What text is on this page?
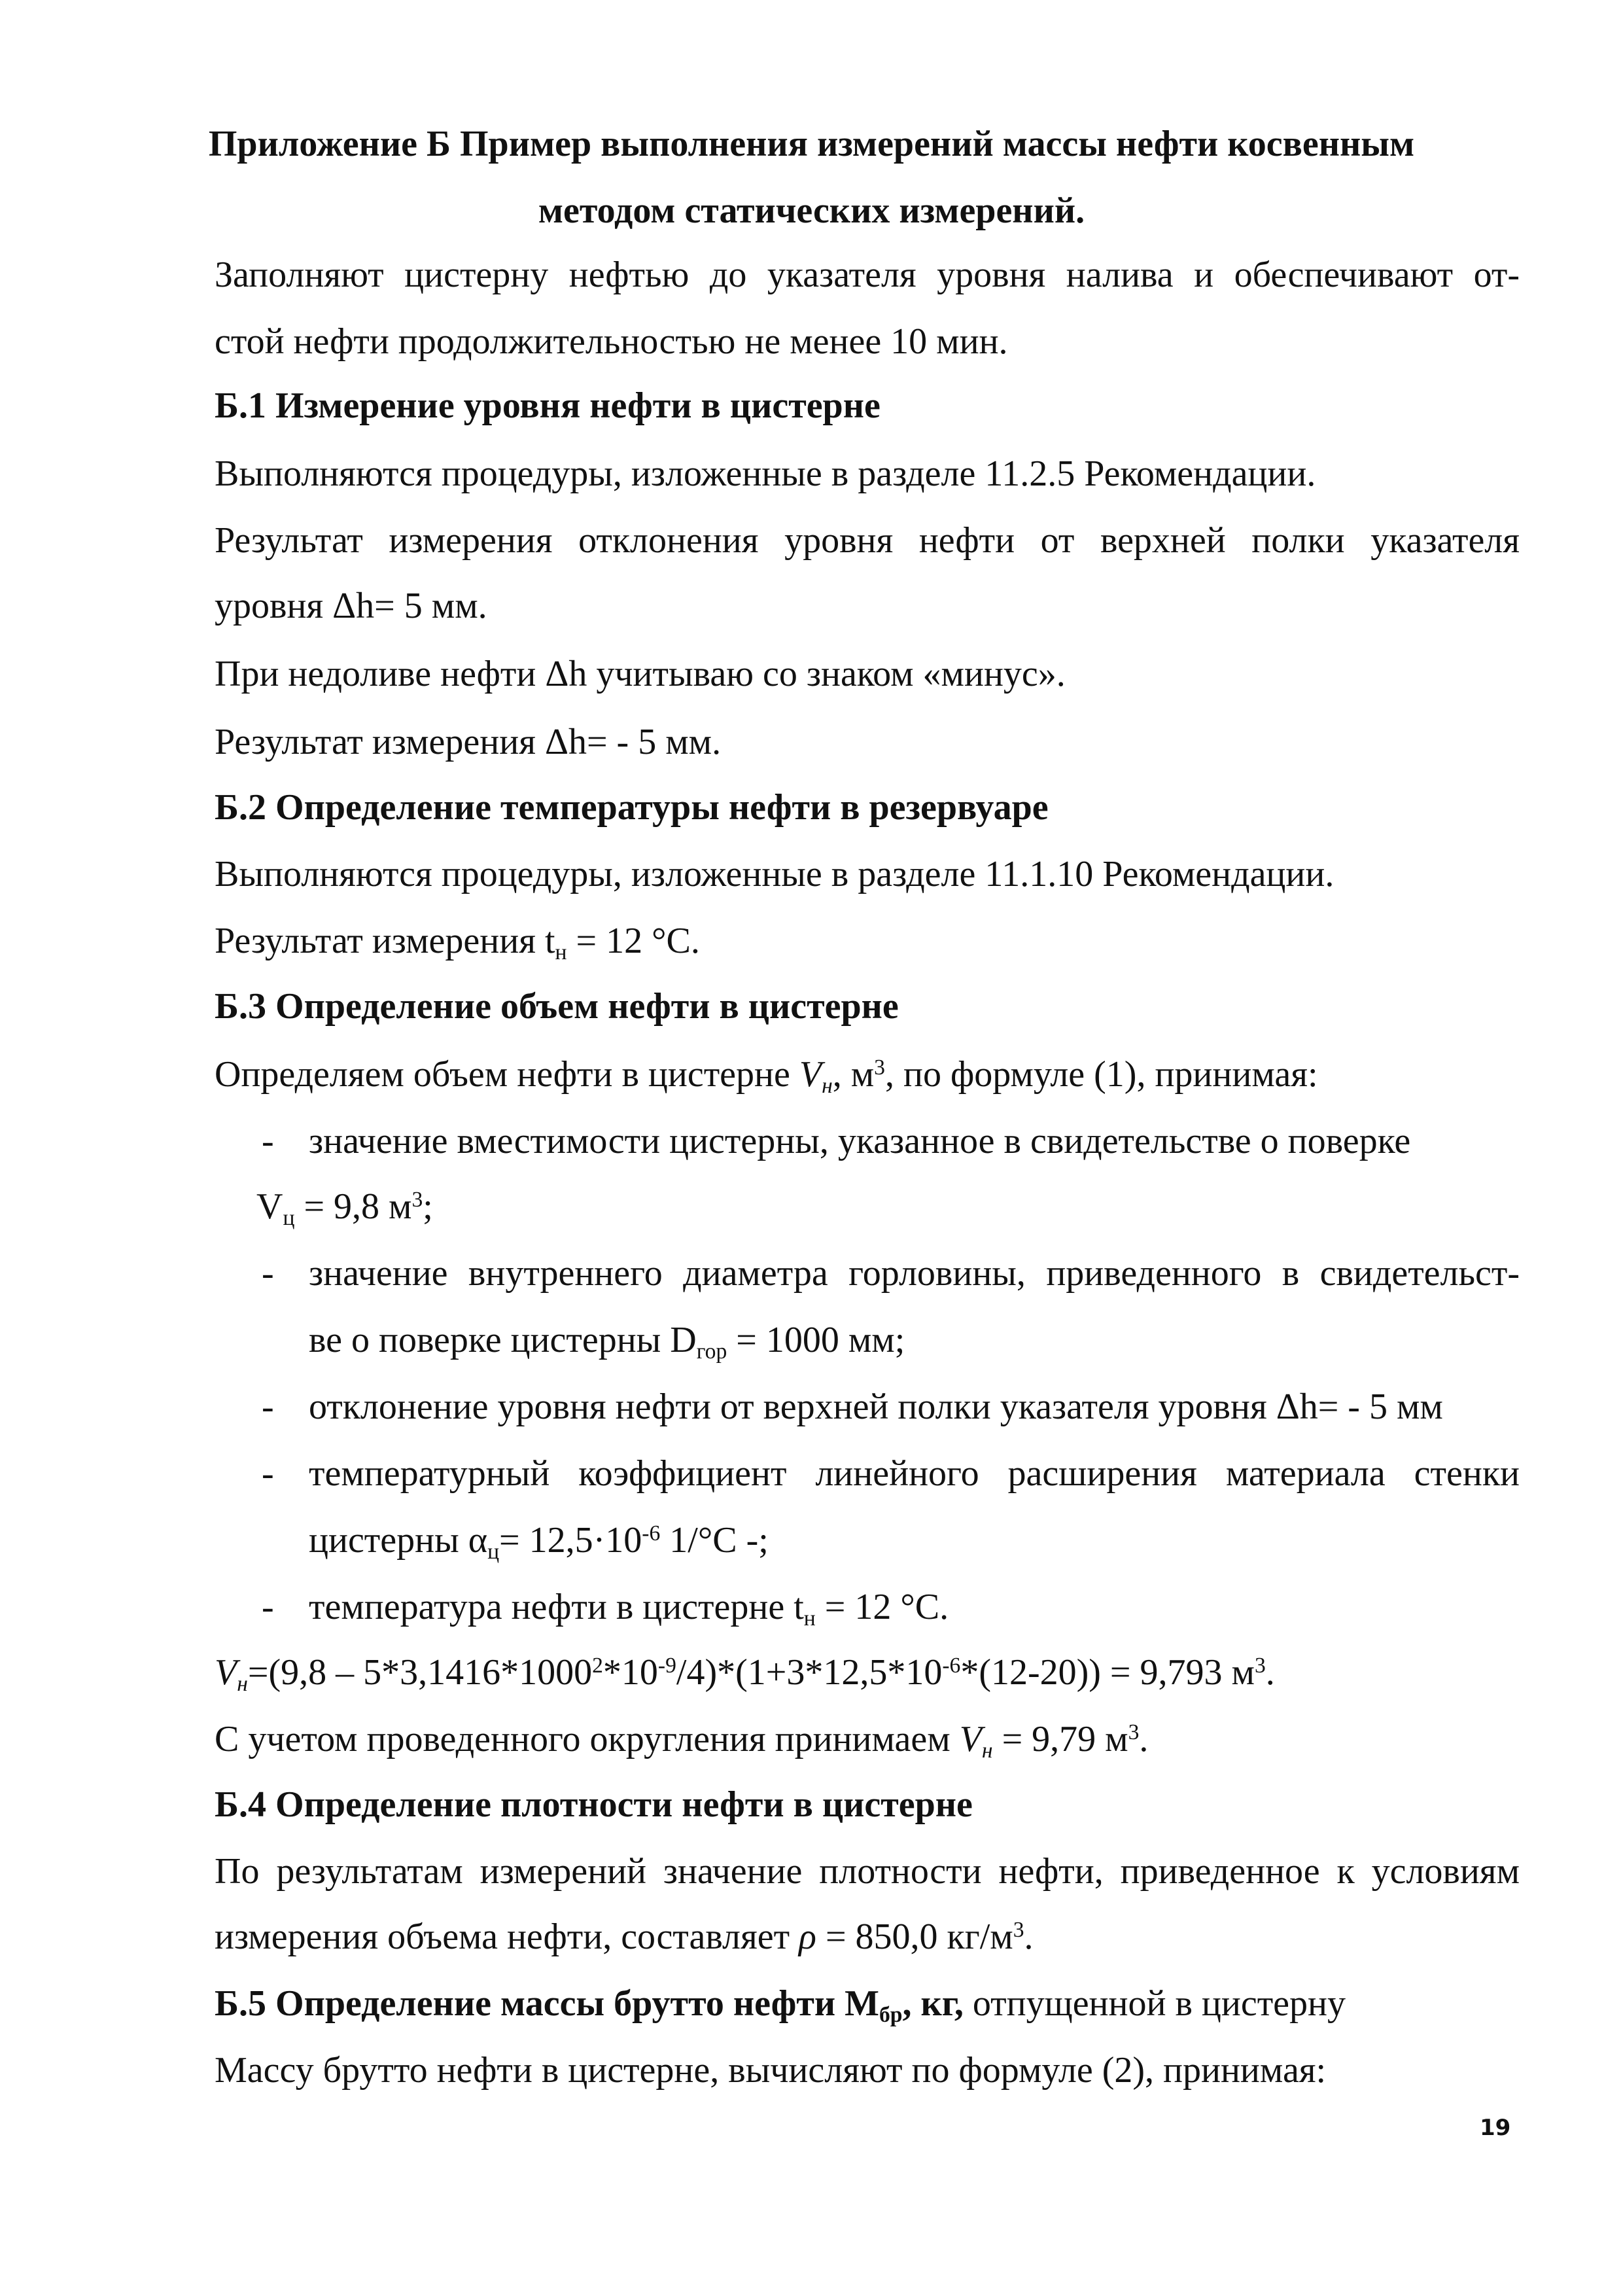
Приложение Б Пример выполнения измерений массы нефти косвенным
методом статических измерений.
Заполняют цистерну нефтью до указателя уровня налива и обеспечивают от-
стой нефти продолжительностью не менее 10 мин.
Б.1 Измерение уровня нефти в цистерне
Выполняются процедуры, изложенные в разделе 11.2.5 Рекомендации.
Результат измерения отклонения уровня нефти от верхней полки указателя
уровня Δh= 5 мм.
При недоливе нефти Δh учитываю со знаком «минус».
Результат измерения Δh= - 5 мм.
Б.2 Определение температуры нефти в резервуаре
Выполняются процедуры, изложенные в разделе 11.1.10 Рекомендации.
Результат измерения $t_н = 12$ °С.
Б.3 Определение объем нефти в цистерне
Определяем объем нефти в цистерне $V_н$, $м^3$, по формуле (1), принимая:
- значение вместимости цистерны, указанное в свидетельстве о поверке
$V_ц = 9,8$ $м^3$;
- значение внутреннего диаметра горловины, приведенного в свидетельст-
ве о поверке цистерны $D_{гор} = 1000$ мм;
- отклонение уровня нефти от верхней полки указателя уровня Δh= - 5 мм
- температурный коэффициент линейного расширения материала стенки
цистерны $\alpha_ц= 12,5\cdot 10^{-6}$ 1/°С -;
- температура нефти в цистерне $t_н = 12$ °С.
$V_н=(9,8 - 5*3,1416*1000^2*10^{-9}/4)*(1+3*12,5*10^{-6}*(12-20)) = 9,793$ $м^3$.
С учетом проведенного округления принимаем $V_н = 9,79$ $м^3$.
Б.4 Определение плотности нефти в цистерне
По результатам измерений значение плотности нефти, приведенное к условиям
измерения объема нефти, составляет ρ = 850,0 $кг/м^3$.
Б.5 Определение массы брутто нефти $М_{бр}$, кг, отпущенной в цистерну
Массу брутто нефти в цистерне, вычисляют по формуле (2), принимая:
19
